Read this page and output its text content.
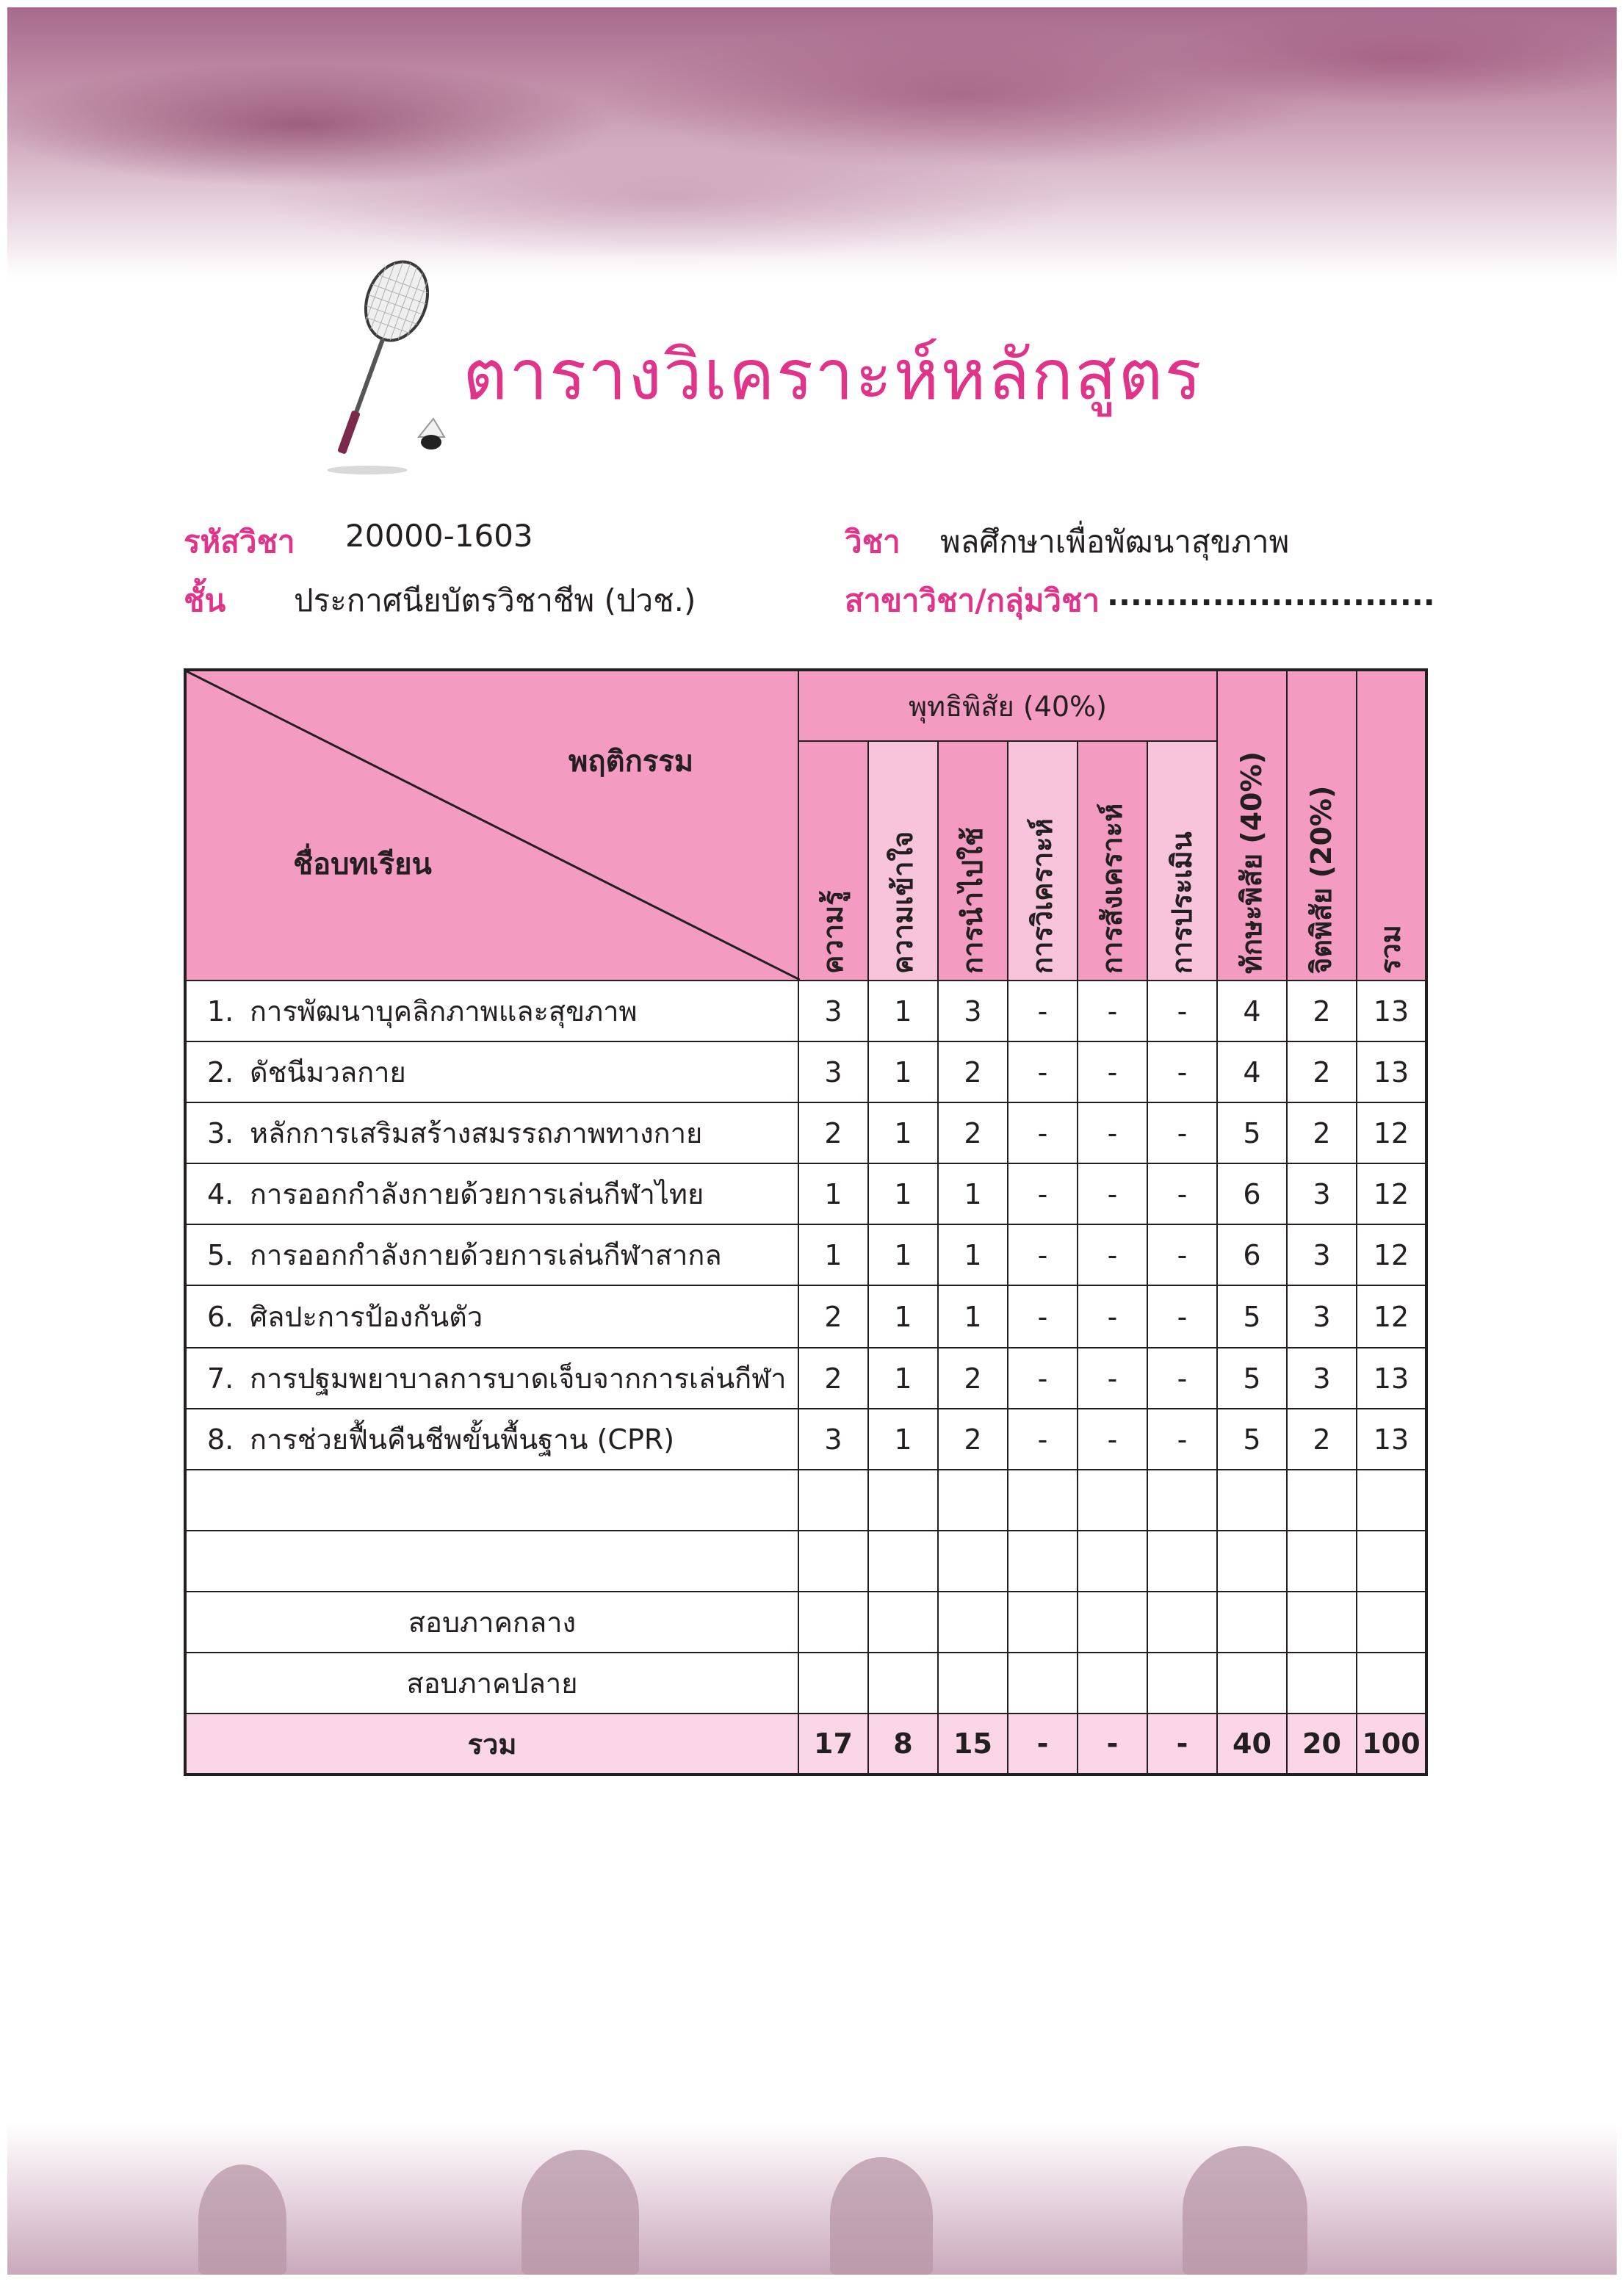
ตารางวิเคราะห์หลักสูตร
รหัสวิชา 20000-1603	วิชา พลศึกษาเพื่อพัฒนาสุขภาพ
ชั้น ประกาศนียบัตรวิชาชีพ (ปวช.)	สาขาวิชา/กลุ่มวิชา ............................
พฤติกรรม
ชื่อบทเรียน	พุทธิพิสัย (40%)						ทักษะพิสัย (40%)	จิตพิสัย (20%)	รวม

	ความรู้	ความเข้าใจ	การนำไปใช้	การวิเคราะห์	การสังเคราะห์	การประเมิน			

1. การพัฒนาบุคลิกภาพและสุขภาพ	3	1	3	-	-	-	4	2	13
2. ดัชนีมวลกาย	3	1	2	-	-	-	4	2	13
3. หลักการเสริมสร้างสมรรถภาพทางกาย	2	1	2	-	-	-	5	2	12
4. การออกกำลังกายด้วยการเล่นกีฬาไทย	1	1	1	-	-	-	6	3	12
5. การออกกำลังกายด้วยการเล่นกีฬาสากล	1	1	1	-	-	-	6	3	12
6. ศิลปะการป้องกันตัว	2	1	1	-	-	-	5	3	12
7. การปฐมพยาบาลการบาดเจ็บจากการเล่นกีฬา	2	1	2	-	-	-	5	3	13
8. การช่วยฟื้นคืนชีพขั้นพื้นฐาน (CPR)	3	1	2	-	-	-	5	2	13

สอบภาคกลาง									
สอบภาคปลาย									
รวม	17	8	15	-	-	-	40	20	100
